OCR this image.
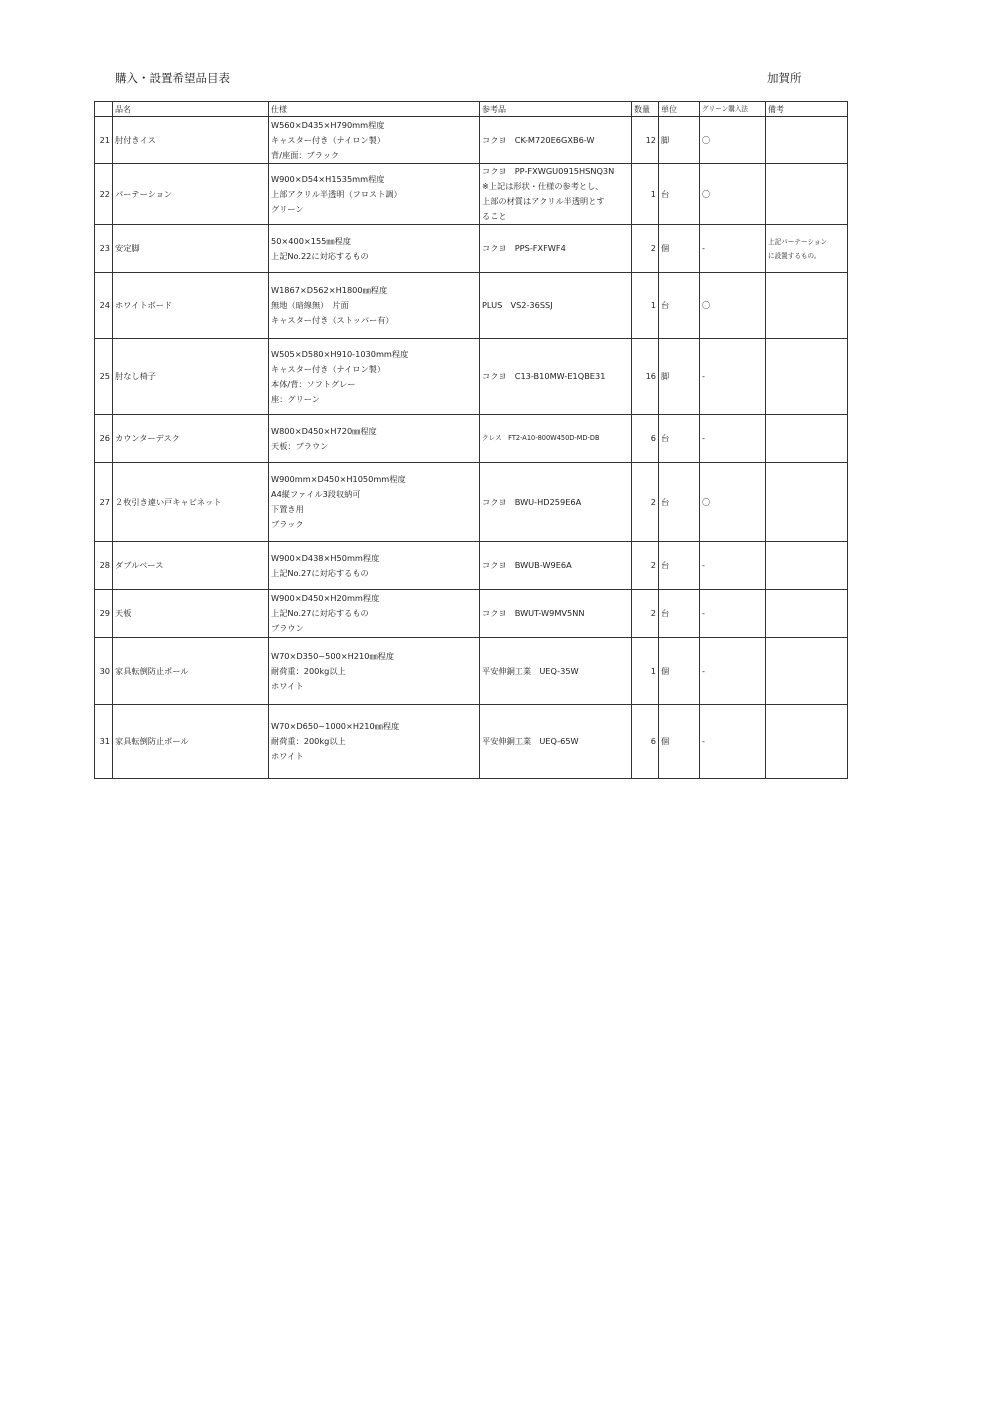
購入・設置希望品目表	加賀所
	品名	仕様	参考品	数量	単位	グリーン購入法	備考
21	肘付きイス	W560×D435×H790mm程度
キャスター付き（ナイロン製）
背/座面：ブラック	コクヨ　CK-M720E6GXB6-W	12	脚	〇	
22	パーテーション	W900×D54×H1535mm程度
上部アクリル半透明（フロスト調）
グリーン	コクヨ　PP-FXWGU0915HSNQ3N
※上記は形状・仕様の参考とし、
上部の材質はアクリル半透明とす
ること	1	台	〇	
23	安定脚	50×400×155㎜程度
上記No.22に対応するもの	コクヨ　PPS-FXFWF4	2	個	-	上記パーテーション
に設置するもの。

24	ホワイトボード	W1867×D562×H1800㎜程度
無地（暗線無）　片面
キャスター付き（ストッパー有）	PLUS　VS2-36SSJ	1	台	〇	
25	肘なし椅子	W505×D580×H910-1030mm程度
キャスター付き（ナイロン製）
本体/背：ソフトグレー
座：グリーン	コクヨ　C13-B10MW-E1QBE31	16	脚	-	
26	カウンターデスク	W800×D450×H720㎜程度
天板：ブラウン	クレス　FT2-A10-800W450D-MD-DB	6	台	-	
27	２枚引き違い戸キャビネット	W900mm×D450×H1050mm程度
A4縦ファイル3段収納可
下置き用
ブラック	コクヨ　BWU-HD259E6A	2	台	〇	
28	ダブルベース	W900×D438×H50mm程度
上記No.27に対応するもの	コクヨ　BWUB-W9E6A	2	台	-	
29	天板	W900×D450×H20mm程度
上記No.27に対応するもの
ブラウン	コクヨ　BWUT-W9MV5NN	2	台	-	
30	家具転倒防止ポール	W70×D350~500×H210㎜程度
耐荷重：200kg以上
ホワイト	平安伸銅工業　UEQ-35W	1	個	-	
31	家具転倒防止ポール	W70×D650~1000×H210㎜程度
耐荷重：200kg以上
ホワイト	平安伸銅工業　UEQ-65W	6	個	-	
